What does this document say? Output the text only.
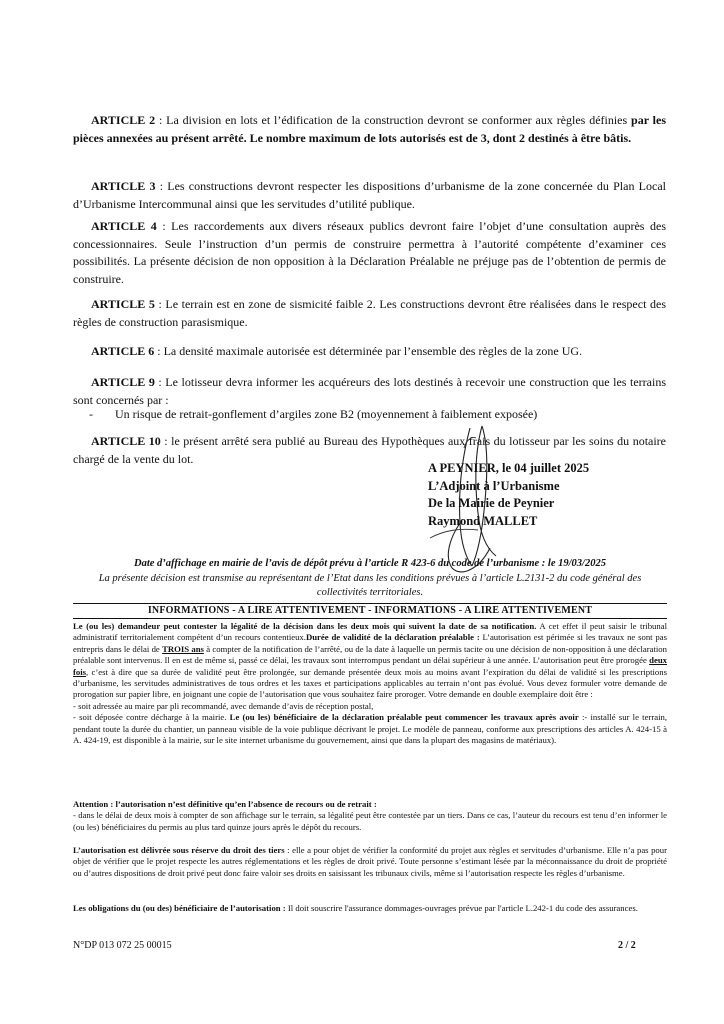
ARTICLE 2 : La division en lots et l’édification de la construction devront se conformer aux règles définies par les pièces annexées au présent arrêté. Le nombre maximum de lots autorisés est de 3, dont 2 destinés à être bâtis.
ARTICLE 3 : Les constructions devront respecter les dispositions d’urbanisme de la zone concernée du Plan Local d’Urbanisme Intercommunal ainsi que les servitudes d’utilité publique.
ARTICLE 4 : Les raccordements aux divers réseaux publics devront faire l’objet d’une consultation auprès des concessionnaires. Seule l’instruction d’un permis de construire permettra à l’autorité compétente d’examiner ces possibilités. La présente décision de non opposition à la Déclaration Préalable ne préjuge pas de l’obtention de permis de construire.
ARTICLE 5 : Le terrain est en zone de sismicité faible 2. Les constructions devront être réalisées dans le respect des règles de construction parasismique.
ARTICLE 6 : La densité maximale autorisée est déterminée par l’ensemble des règles de la zone UG.
ARTICLE 9 : Le lotisseur devra informer les acquéreurs des lots destinés à recevoir une construction que les terrains sont concernés par :
- Un risque de retrait-gonflement d’argiles zone B2 (moyennement à faiblement exposée)
ARTICLE 10 : le présent arrêté sera publié au Bureau des Hypothèques aux frais du lotisseur par les soins du notaire chargé de la vente du lot.
A PEYNIER, le 04 juillet 2025
L’Adjoint à l’Urbanisme
De la Mairie de Peynier
Raymond MALLET
Date d’affichage en mairie de l’avis de dépôt prévu à l’article R 423-6 du code de l’urbanisme : le 19/03/2025
La présente décision est transmise au représentant de l’Etat dans les conditions prévues à l’article L.2131-2 du code général des collectivités territoriales.
INFORMATIONS - A LIRE ATTENTIVEMENT - INFORMATIONS - A LIRE ATTENTIVEMENT
Le (ou les) demandeur peut contester la légalité de la décision dans les deux mois qui suivent la date de sa notification. A cet effet il peut saisir le tribunal administratif territorialement compétent d’un recours contentieux.Durée de validité de la déclaration préalable : L’autorisation est périmée si les travaux ne sont pas entrepris dans le délai de TROIS ans à compter de la notification de l’arrêté, ou de la date à laquelle un permis tacite ou une décision de non-opposition à une déclaration préalable sont intervenus. Il en est de même si, passé ce délai, les travaux sont interrompus pendant un délai supérieur à une année. L’autorisation peut être prorogée deux fois, c’est à dire que sa durée de validité peut être prolongée, sur demande présentée deux mois au moins avant l’expiration du délai de validité si les prescriptions d’urbanisme, les servitudes administratives de tous ordres et les taxes et participations applicables au terrain n’ont pas évolué. Vous devez formuler votre demande de prorogation sur papier libre, en joignant une copie de l’autorisation que vous souhaitez faire proroger. Votre demande en double exemplaire doit être :
- soit adressée au maire par pli recommandé, avec demande d’avis de réception postal,
- soit déposée contre décharge à la mairie. Le (ou les) bénéficiaire de la déclaration préalable peut commencer les travaux après avoir :- installé sur le terrain, pendant toute la durée du chantier, un panneau visible de la voie publique décrivant le projet. Le modèle de panneau, conforme aux prescriptions des articles A. 424-15 à A. 424-19, est disponible à la mairie, sur le site internet urbanisme du gouvernement, ainsi que dans la plupart des magasins de matériaux).
Attention : l’autorisation n’est définitive qu’en l’absence de recours ou de retrait :
- dans le délai de deux mois à compter de son affichage sur le terrain, sa légalité peut être contestée par un tiers. Dans ce cas, l’auteur du recours est tenu d’en informer le (ou les) bénéficiaires du permis au plus tard quinze jours après le dépôt du recours.
L’autorisation est délivrée sous réserve du droit des tiers : elle a pour objet de vérifier la conformité du projet aux règles et servitudes d’urbanisme. Elle n’a pas pour objet de vérifier que le projet respecte les autres réglementations et les règles de droit privé. Toute personne s’estimant lésée par la méconnaissance du droit de propriété ou d’autres dispositions de droit privé peut donc faire valoir ses droits en saisissant les tribunaux civils, même si l’autorisation respecte les règles d’urbanisme.
Les obligations du (ou des) bénéficiaire de l’autorisation : Il doit souscrire l'assurance dommages-ouvrages prévue par l'article L.242-1 du code des assurances.
N°DP 013 072 25 00015	2 / 2
